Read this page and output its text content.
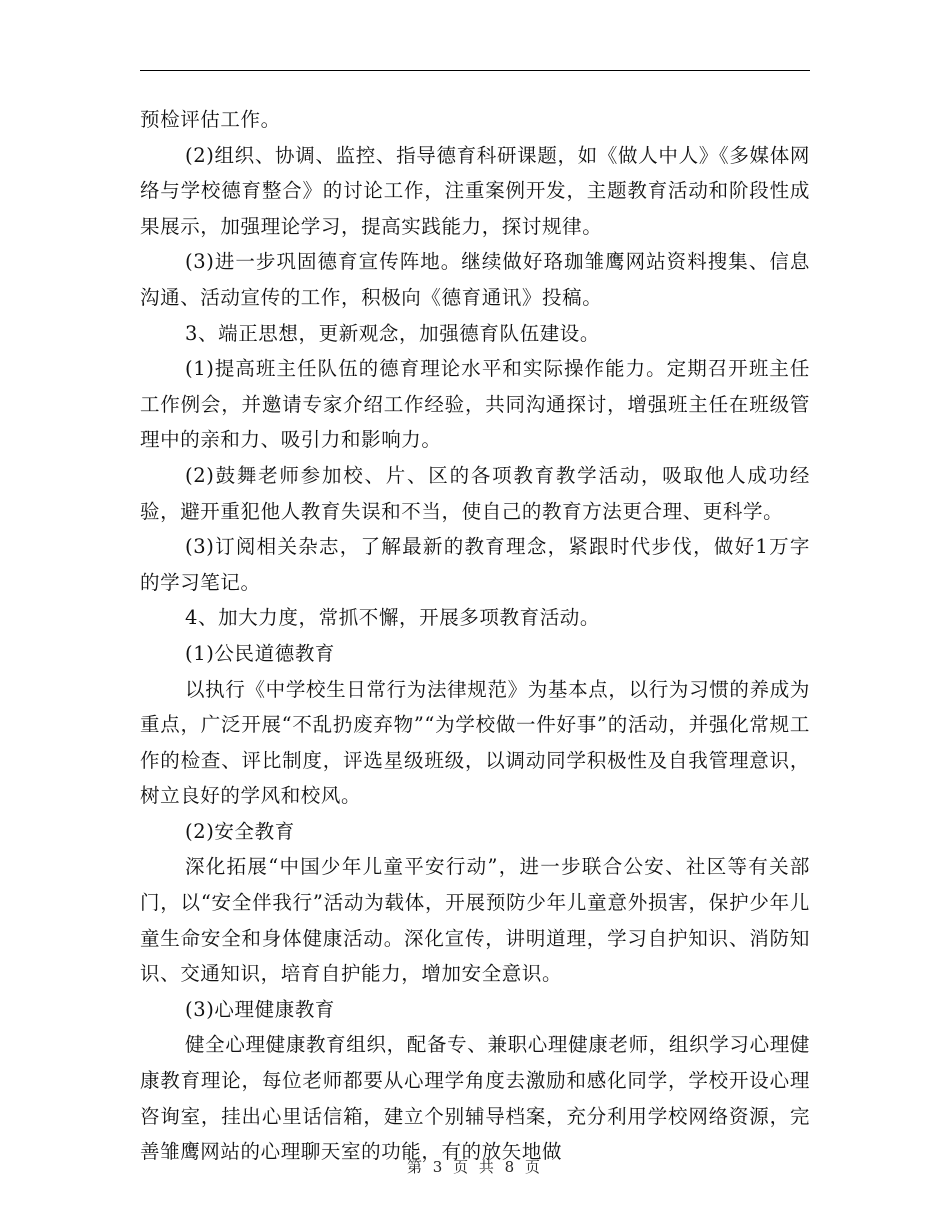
预检评估工作。

(2)组织、协调、监控、指导德育科研课题，如《做人中人》《多媒体网络与学校德育整合》的讨论工作，注重案例开发，主题教育活动和阶段性成果展示，加强理论学习，提高实践能力，探讨规律。

(3)进一步巩固德育宣传阵地。继续做好珞珈雏鹰网站资料搜集、信息沟通、活动宣传的工作，积极向《德育通讯》投稿。

3、端正思想，更新观念，加强德育队伍建设。

(1)提高班主任队伍的德育理论水平和实际操作能力。定期召开班主任工作例会，并邀请专家介绍工作经验，共同沟通探讨，增强班主任在班级管理中的亲和力、吸引力和影响力。

(2)鼓舞老师参加校、片、区的各项教育教学活动，吸取他人成功经验，避开重犯他人教育失误和不当，使自己的教育方法更合理、更科学。

(3)订阅相关杂志，了解最新的教育理念，紧跟时代步伐，做好1万字的学习笔记。

4、加大力度，常抓不懈，开展多项教育活动。

(1)公民道德教育

以执行《中学校生日常行为法律规范》为基本点，以行为习惯的养成为重点，广泛开展“不乱扔废弃物”“为学校做一件好事”的活动，并强化常规工作的检查、评比制度，评选星级班级，以调动同学积极性及自我管理意识，树立良好的学风和校风。

(2)安全教育

深化拓展“中国少年儿童平安行动”，进一步联合公安、社区等有关部门，以“安全伴我行”活动为载体，开展预防少年儿童意外损害，保护少年儿童生命安全和身体健康活动。深化宣传，讲明道理，学习自护知识、消防知识、交通知识，培育自护能力，增加安全意识。

(3)心理健康教育

健全心理健康教育组织，配备专、兼职心理健康老师，组织学习心理健康教育理论，每位老师都要从心理学角度去激励和感化同学，学校开设心理咨询室，挂出心里话信箱，建立个别辅导档案，充分利用学校网络资源，完善雏鹰网站的心理聊天室的功能，有的放矢地做

第 3 页 共 8 页
